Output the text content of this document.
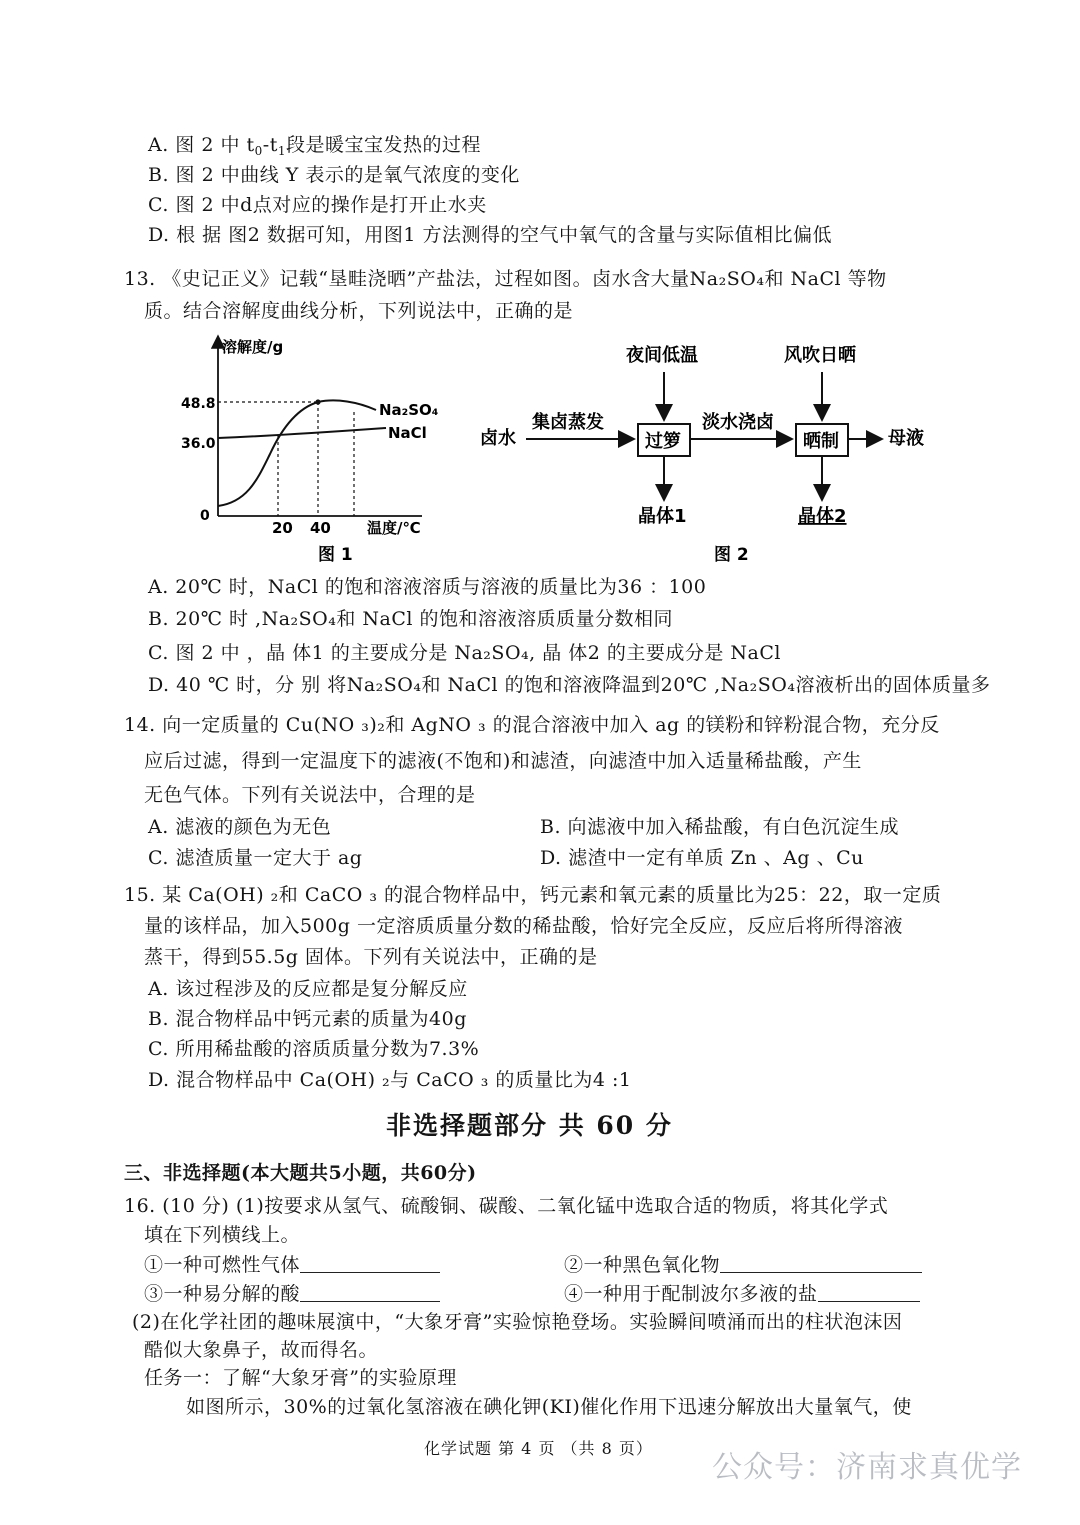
A. 图 2 中 $t_0-t_1$段是暖宝宝发热的过程
B. 图 2 中曲线 Y 表示的是氧气浓度的变化
C. 图 2 中d点对应的操作是打开止水夹
D. 根 据 图2 数据可知，用图1 方法测得的空气中氧气的含量与实际值相比偏低
13. 《史记正义》记载“垦畦浇晒”产盐法，过程如图。卤水含大量Na₂SO₄和 NaCl 等物
质。结合溶解度曲线分析，下列说法中，正确的是
溶解度/g
温度/℃
48.8
36.0
0
20 40
Na₂SO₄
NaCl
图 1
卤水
集卤蒸发
过箩
夜间低温
晶体1
淡水浇卤
晒制
风吹日晒
晶体2
母液
图 2
A. 20℃ 时，NaCl 的饱和溶液溶质与溶液的质量比为36 ：100
B. 20℃ 时 ,Na₂SO₄和 NaCl 的饱和溶液溶质质量分数相同
C. 图 2 中 ，晶 体1 的主要成分是 Na₂SO₄, 晶 体2 的主要成分是 NaCl
D. 40 ℃ 时，分 别 将Na₂SO₄和 NaCl 的饱和溶液降温到20℃ ,Na₂SO₄溶液析出的固体质量多
14. 向一定质量的 Cu(NO ₃)₂和 AgNO ₃ 的混合溶液中加入 ag 的镁粉和锌粉混合物，充分反
应后过滤，得到一定温度下的滤液(不饱和)和滤渣，向滤渣中加入适量稀盐酸，产生
无色气体。下列有关说法中，合理的是
A. 滤液的颜色为无色	B. 向滤液中加入稀盐酸，有白色沉淀生成
C. 滤渣质量一定大于 ag	D. 滤渣中一定有单质 Zn 、Ag 、Cu
15. 某 Ca(OH) ₂和 CaCO ₃ 的混合物样品中，钙元素和氧元素的质量比为25：22，取一定质
量的该样品，加入500g 一定溶质质量分数的稀盐酸，恰好完全反应，反应后将所得溶液
蒸干，得到55.5g 固体。下列有关说法中，正确的是
A. 该过程涉及的反应都是复分解反应
B. 混合物样品中钙元素的质量为40g
C. 所用稀盐酸的溶质质量分数为7.3%
D. 混合物样品中 Ca(OH) ₂与 CaCO ₃ 的质量比为4 :1
非选择题部分 共 60 分
三、非选择题(本大题共5小题，共60分)
16. (10 分) (1)按要求从氢气、硫酸铜、碳酸、二氧化锰中选取合适的物质，将其化学式
填在下列横线上。
①一种可燃性气体	②一种黑色氧化物
③一种易分解的酸	④一种用于配制波尔多液的盐
(2)在化学社团的趣味展演中，“大象牙膏”实验惊艳登场。实验瞬间喷涌而出的柱状泡沫因
酷似大象鼻子，故而得名。
任务一：了解“大象牙膏”的实验原理
如图所示，30%的过氧化氢溶液在碘化钾(KI)催化作用下迅速分解放出大量氧气，使
化学试题 第 4 页 （共 8 页）
公众号：济南求真优学
